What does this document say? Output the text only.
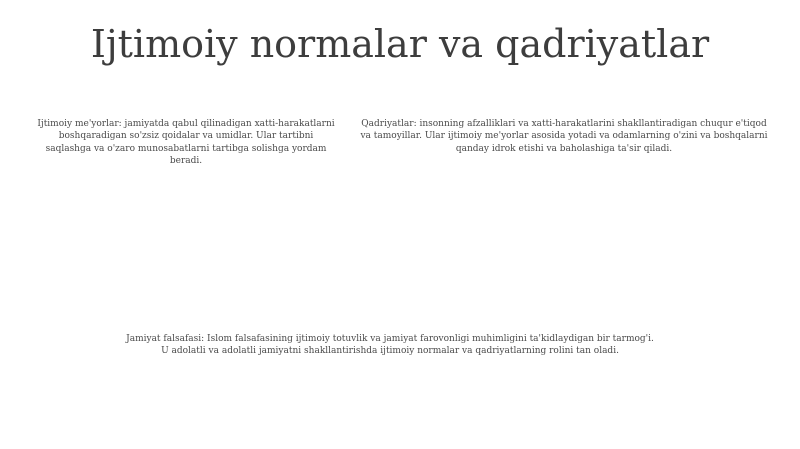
Ijtimoiy normalar va qadriyatlar
Ijtimoiy me'yorlar: jamiyatda qabul qilinadigan xatti-harakatlarni boshqaradigan so'zsiz qoidalar va umidlar. Ular tartibni saqlashga va o'zaro munosabatlarni tartibga solishga yordam beradi.
Qadriyatlar: insonning afzalliklari va xatti-harakatlarini shakllantiradigan chuqur e'tiqod va tamoyillar. Ular ijtimoiy me'yorlar asosida yotadi va odamlarning o'zini va boshqalarni qanday idrok etishi va baholashiga ta'sir qiladi.
Jamiyat falsafasi: Islom falsafasining ijtimoiy totuvlik va jamiyat farovonligi muhimligini ta'kidlaydigan bir tarmog'i.
U adolatli va adolatli jamiyatni shakllantirishda ijtimoiy normalar va qadriyatlarning rolini tan oladi.
